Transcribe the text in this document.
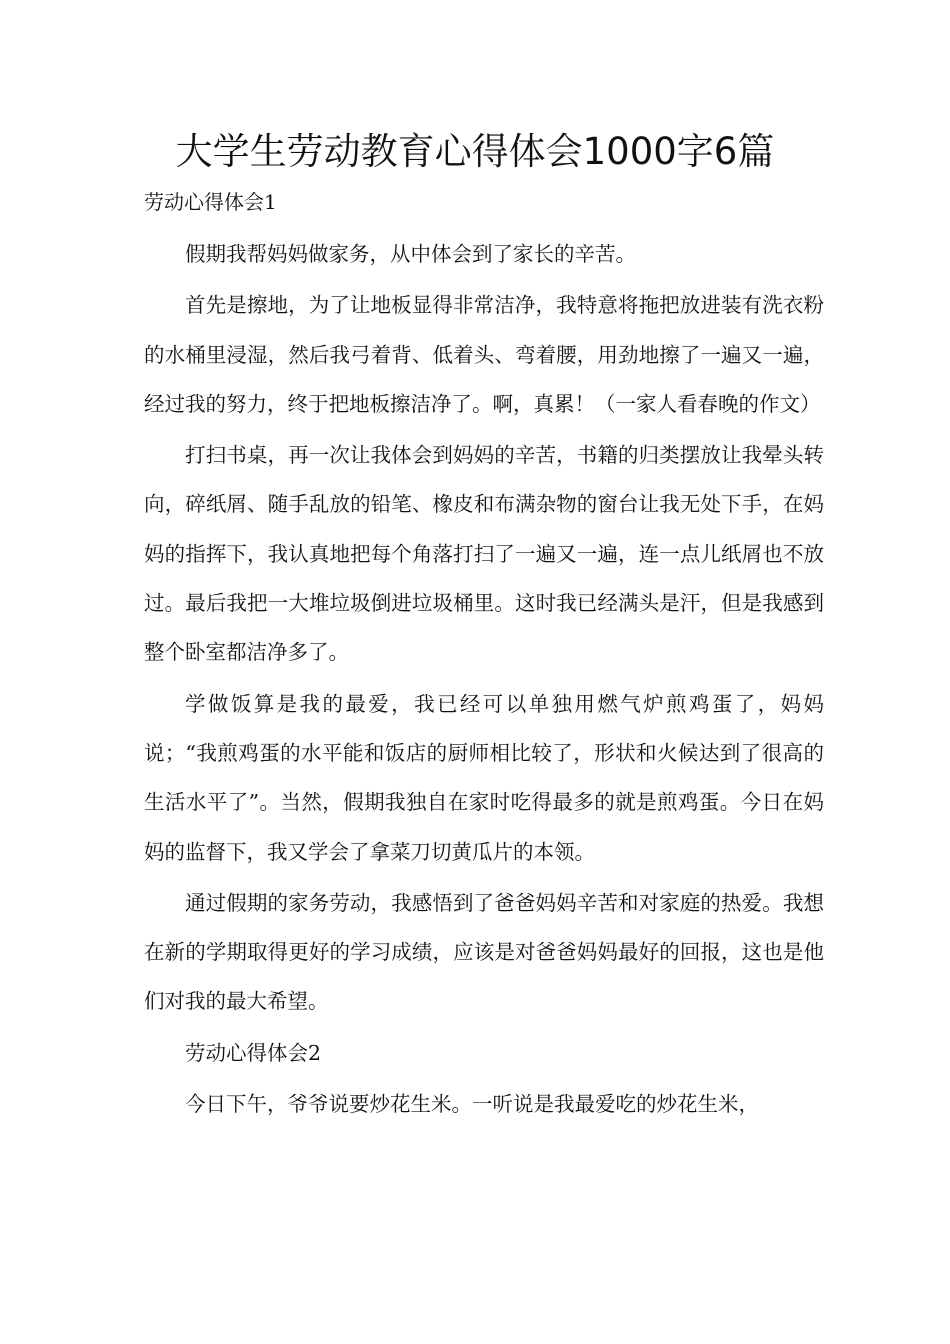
大学生劳动教育心得体会1000字6篇

劳动心得体会1

假期我帮妈妈做家务，从中体会到了家长的辛苦。

首先是擦地，为了让地板显得非常洁净，我特意将拖把放进装有洗衣粉的水桶里浸湿，然后我弓着背、低着头、弯着腰，用劲地擦了一遍又一遍，经过我的努力，终于把地板擦洁净了。啊，真累！（一家人看春晚的作文）

打扫书桌，再一次让我体会到妈妈的辛苦，书籍的归类摆放让我晕头转向，碎纸屑、随手乱放的铅笔、橡皮和布满杂物的窗台让我无处下手，在妈妈的指挥下，我认真地把每个角落打扫了一遍又一遍，连一点儿纸屑也不放过。最后我把一大堆垃圾倒进垃圾桶里。这时我已经满头是汗，但是我感到整个卧室都洁净多了。

学做饭算是我的最爱，我已经可以单独用燃气炉煎鸡蛋了，妈妈说；“我煎鸡蛋的水平能和饭店的厨师相比较了，形状和火候达到了很高的生活水平了”。当然，假期我独自在家时吃得最多的就是煎鸡蛋。今日在妈妈的监督下，我又学会了拿菜刀切黄瓜片的本领。

通过假期的家务劳动，我感悟到了爸爸妈妈辛苦和对家庭的热爱。我想在新的学期取得更好的学习成绩，应该是对爸爸妈妈最好的回报，这也是他们对我的最大希望。

劳动心得体会2

今日下午，爷爷说要炒花生米。一听说是我最爱吃的炒花生米，
